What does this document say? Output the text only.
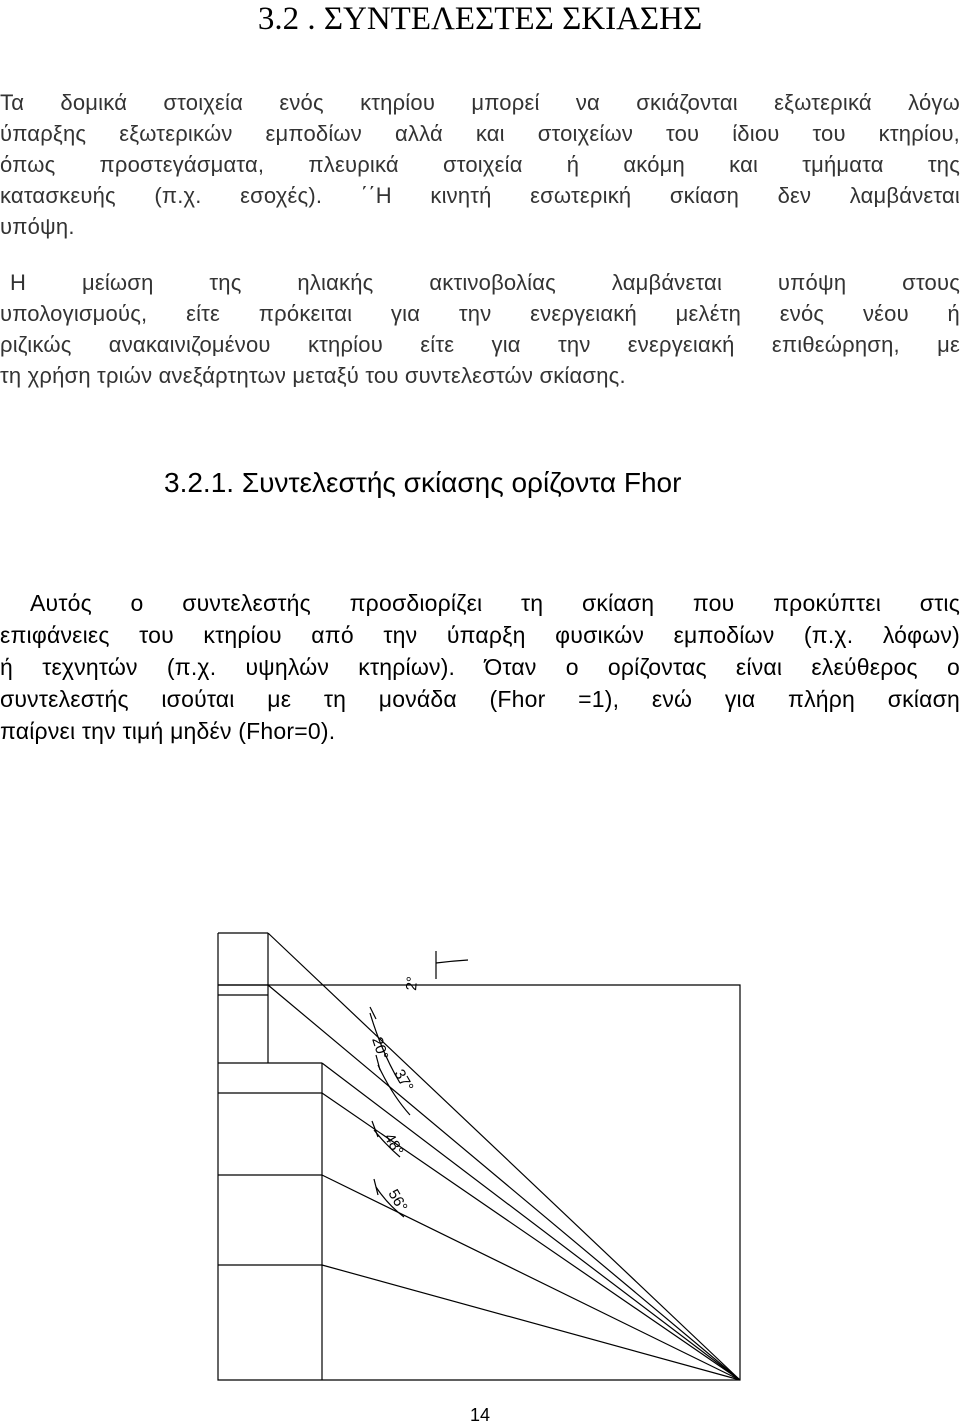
3.2 . ΣΥΝΤΕΛΕΣΤΕΣ ΣΚΙΑΣΗΣ
Τα δομικά στοιχεία ενός κτηρίου μπορεί να σκιάζονται εξωτερικά λόγω
ύπαρξης εξωτερικών εμποδίων αλλά και στοιχείων του ίδιου του κτηρίου,
όπως προστεγάσματα, πλευρικά στοιχεία ή ακόμη και τμήματα της
κατασκευής (π.χ. εσοχές). ΄΄Η κινητή εσωτερική σκίαση δεν λαμβάνεται
υπόψη.
Η μείωση της ηλιακής ακτινοβολίας λαμβάνεται υπόψη στους
υπολογισμούς, είτε πρόκειται για την ενεργειακή μελέτη ενός νέου ή
ριζικώς ανακαινιζομένου κτηρίου είτε για την ενεργειακή επιθεώρηση, με
τη χρήση τριών ανεξάρτητων μεταξύ του συντελεστών σκίασης.
3.2.1. Συντελεστής σκίασης ορίζοντα Fhor
Αυτός ο συντελεστής προσδιορίζει τη σκίαση που προκύπτει στις
επιφάνειες του κτηρίου από την ύπαρξη φυσικών εμποδίων (π.χ. λόφων)
ή τεχνητών (π.χ. υψηλών κτηρίων). Όταν ο ορίζοντας είναι ελεύθερος ο
συντελεστής ισούται με τη μονάδα (Fhor =1), ενώ για πλήρη σκίαση
παίρνει την τιμή μηδέν (Fhor=0).
2°
20°
37°
48°
56°
14
